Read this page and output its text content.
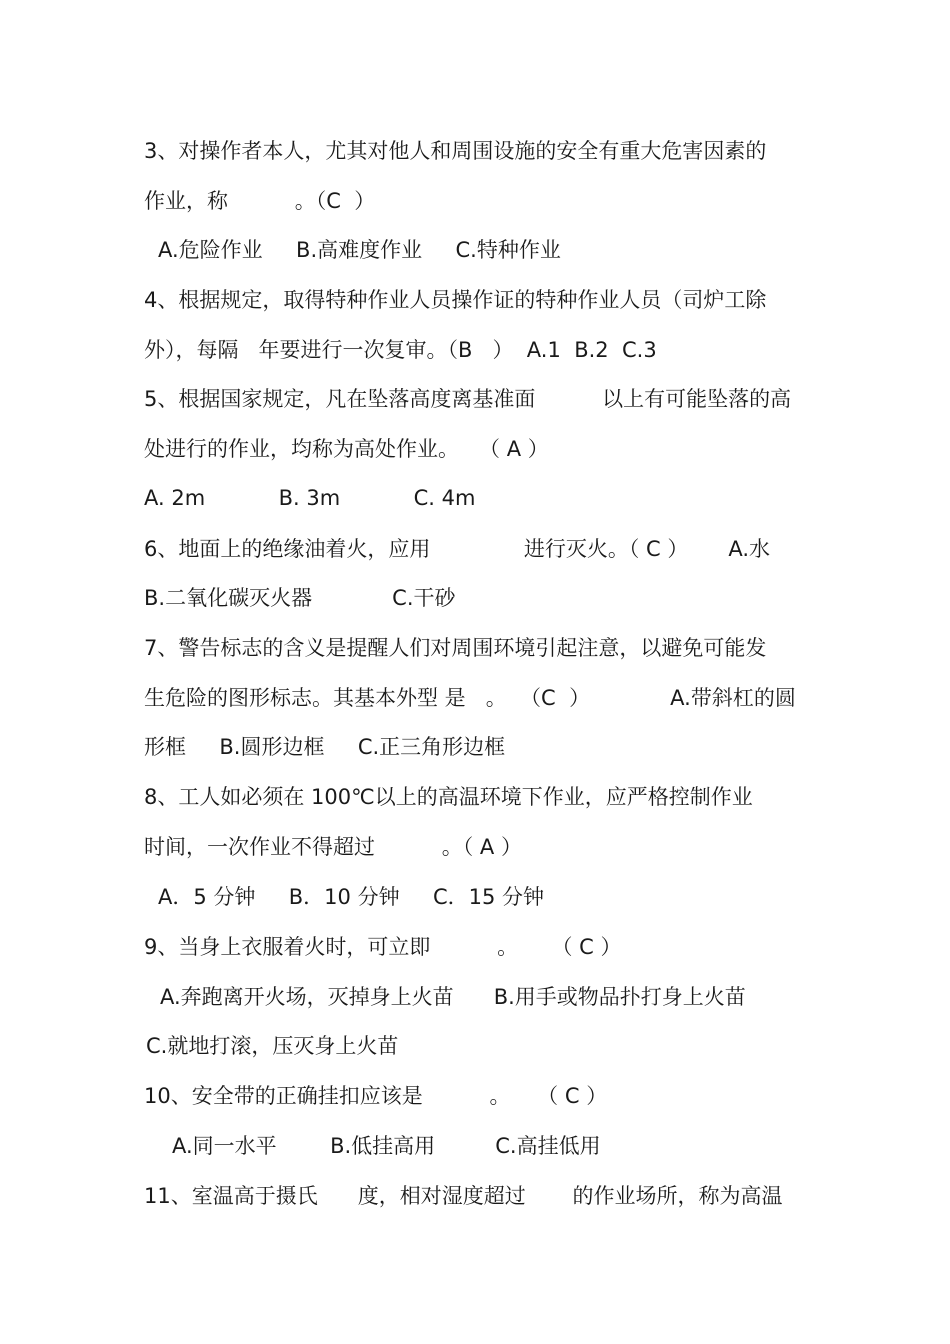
3、对操作者本人，尤其对他人和周围设施的安全有重大危害因素的
作业，称          。（C  ）
A.危险作业     B.高难度作业     C.特种作业
4、根据规定，取得特种作业人员操作证的特种作业人员（司炉工除
外），每隔   年要进行一次复审。（B   ）  A.1  B.2  C.3
5、根据国家规定，凡在坠落高度离基准面          以上有可能坠落的高
处进行的作业，均称为高处作业。   （ A ）
A. 2m           B. 3m           C. 4m
6、地面上的绝缘油着火，应用              进行灭火。（ C ）      A.水
B.二氧化碳灭火器            C.干砂
7、警告标志的含义是提醒人们对周围环境引起注意，以避免可能发
生危险的图形标志。其基本外型 是   。  （C  ）            A.带斜杠的圆
形框     B.圆形边框     C.正三角形边框
8、工人如必须在 100℃以上的高温环境下作业，应严格控制作业
时间，一次作业不得超过          。（ A ）
A．5 分钟     B．10 分钟     C．15 分钟
9、当身上衣服着火时，可立即          。     （ C ）
A.奔跑离开火场，灭掉身上火苗      B.用手或物品扑打身上火苗
C.就地打滚，压灭身上火苗
10、安全带的正确挂扣应该是          。    （ C ）
A.同一水平        B.低挂高用         C.高挂低用
11、室温高于摄氏      度，相对湿度超过       的作业场所，称为高温
